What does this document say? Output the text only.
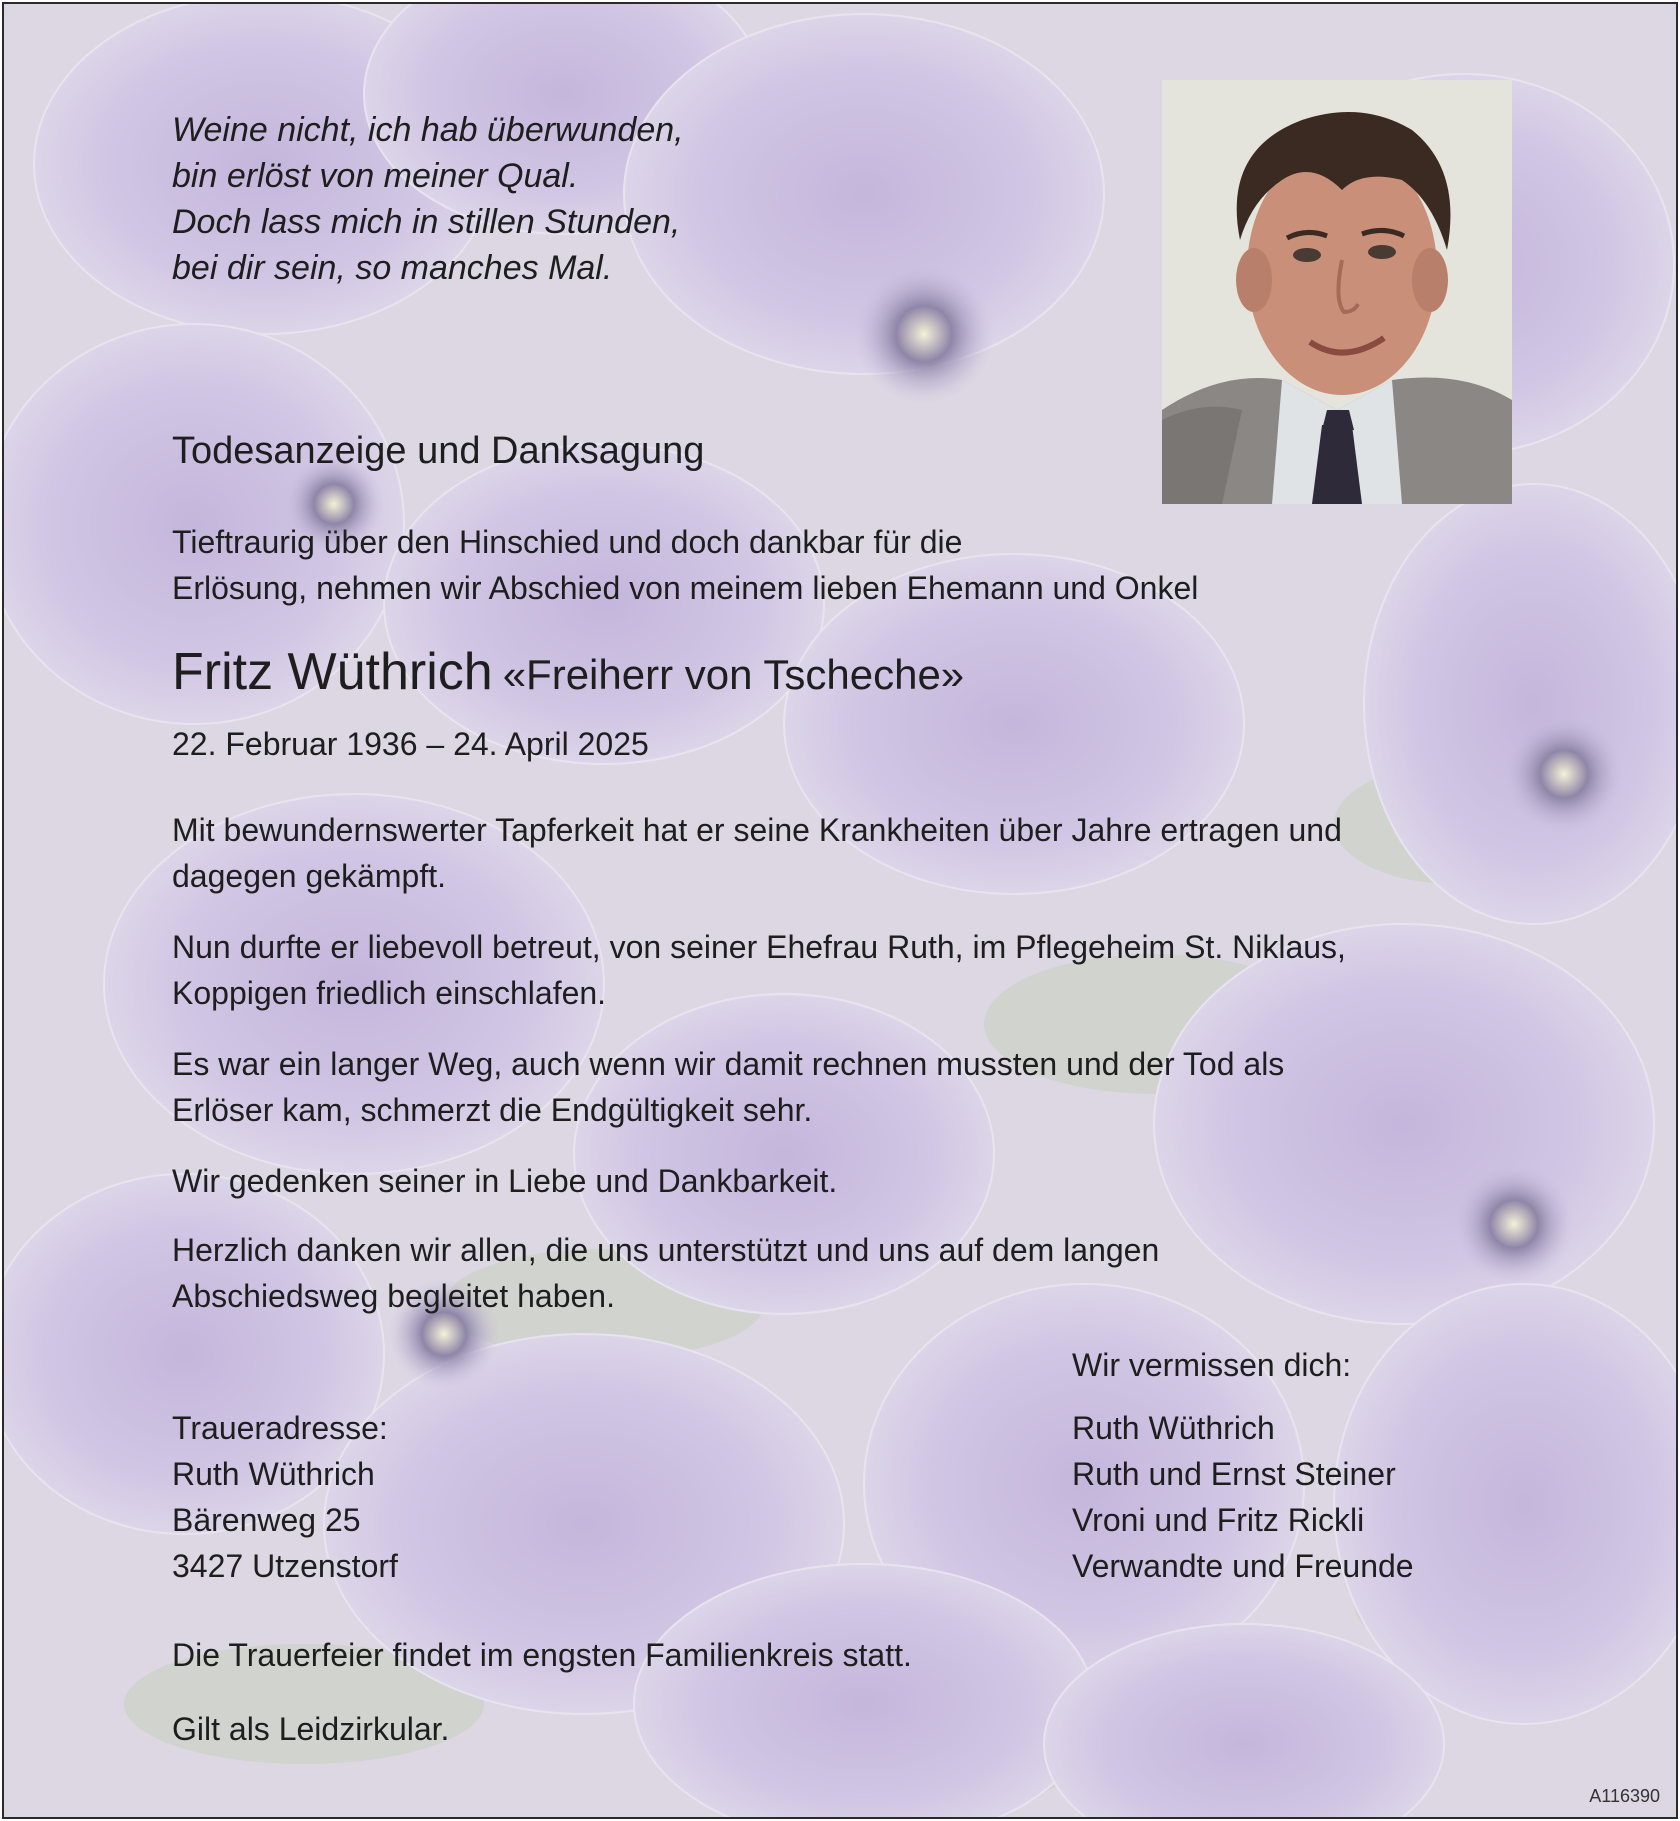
Weine nicht, ich hab überwunden,
bin erlöst von meiner Qual.
Doch lass mich in stillen Stunden,
bei dir sein, so manches Mal.
Todesanzeige und Danksagung
Tieftraurig über den Hinschied und doch dankbar für die
Erlösung, nehmen wir Abschied von meinem lieben Ehemann und Onkel
Fritz Wüthrich «Freiherr von Tscheche»
22. Februar 1936 – 24. April 2025
Mit bewundernswerter Tapferkeit hat er seine Krankheiten über Jahre ertragen und
dagegen gekämpft.
Nun durfte er liebevoll betreut, von seiner Ehefrau Ruth, im Pflegeheim St. Niklaus,
Koppigen friedlich einschlafen.
Es war ein langer Weg, auch wenn wir damit rechnen mussten und der Tod als
Erlöser kam, schmerzt die Endgültigkeit sehr.
Wir gedenken seiner in Liebe und Dankbarkeit.
Herzlich danken wir allen, die uns unterstützt und uns auf dem langen
Abschiedsweg begleitet haben.
Wir vermissen dich:
Traueradresse:
Ruth Wüthrich
Bärenweg 25
3427 Utzenstorf
Ruth Wüthrich
Ruth und Ernst Steiner
Vroni und Fritz Rickli
Verwandte und Freunde
Die Trauerfeier findet im engsten Familienkreis statt.
Gilt als Leidzirkular.
A116390
